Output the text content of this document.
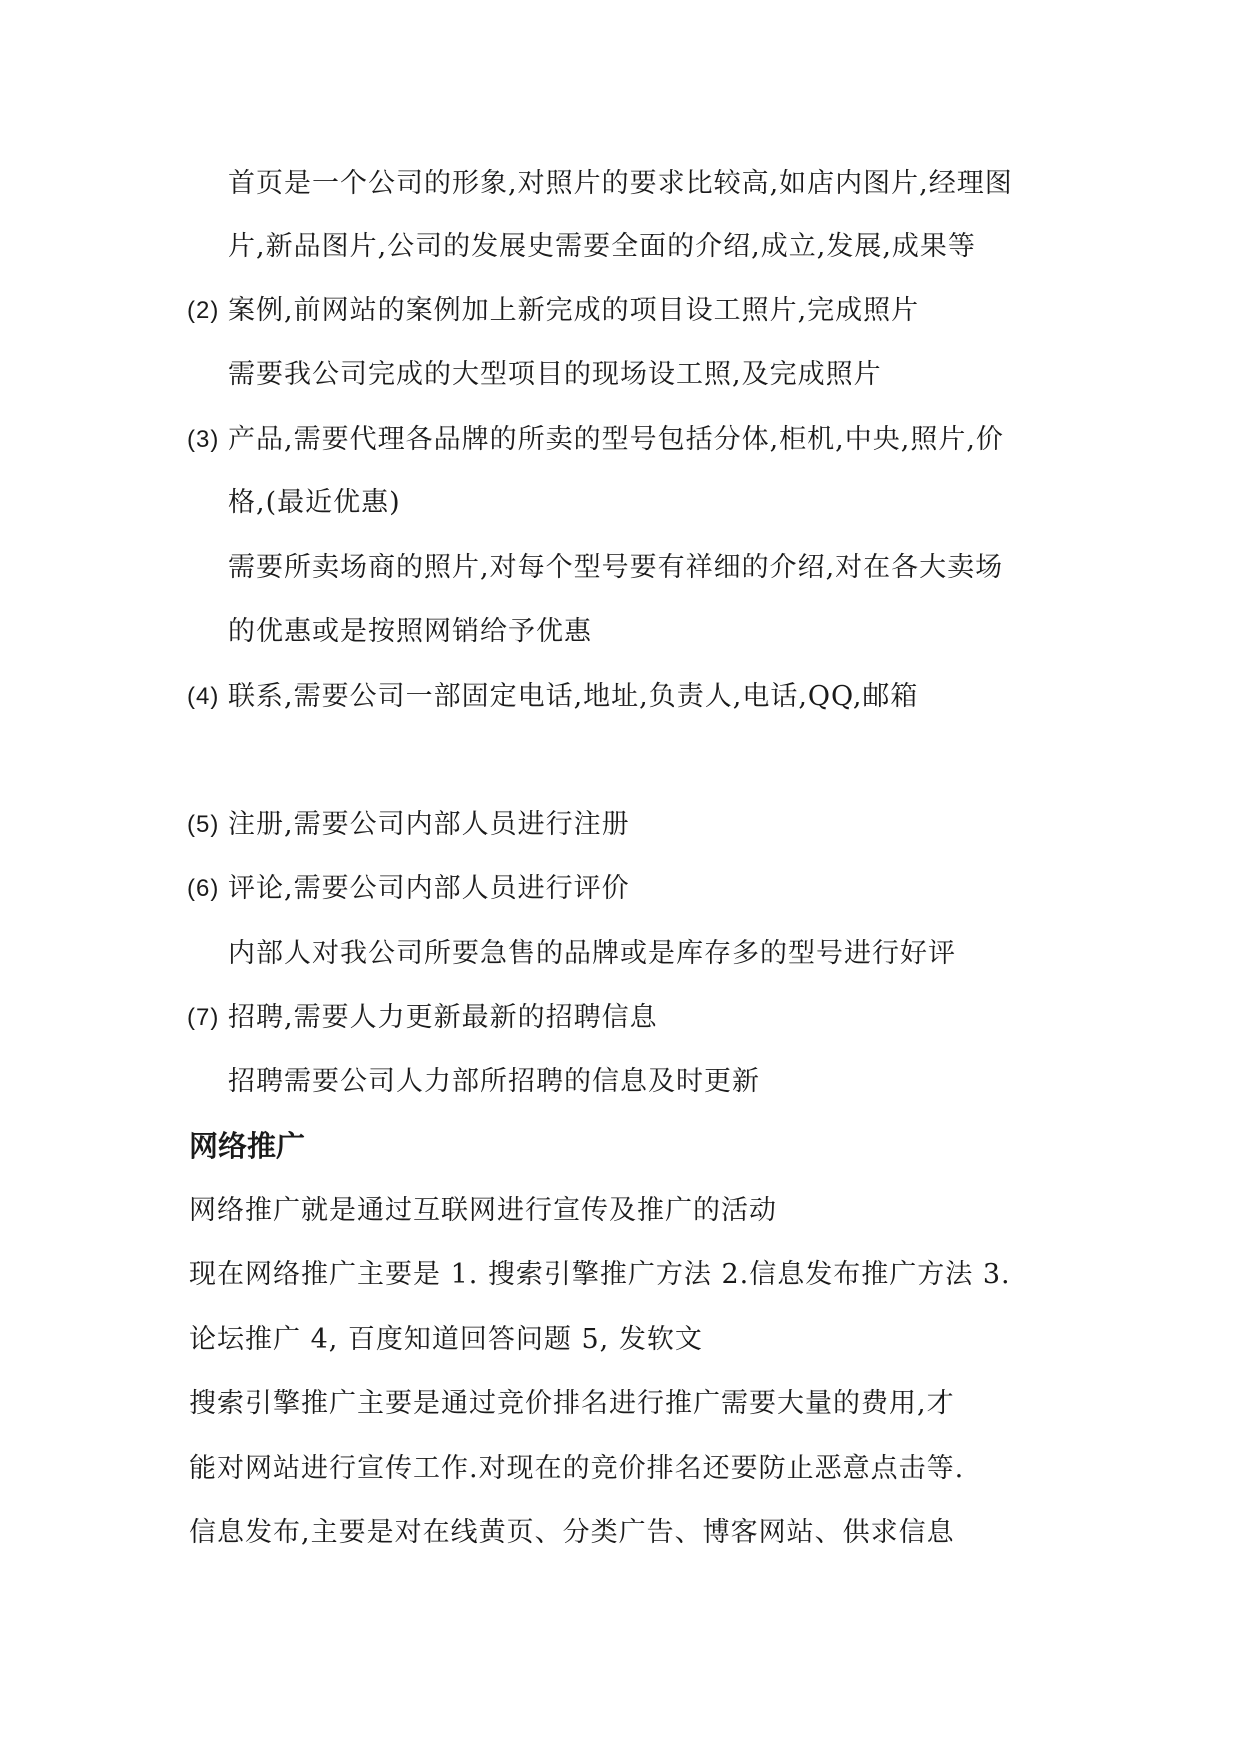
首页是一个公司的形象,对照片的要求比较高,如店内图片,经理图
片,新品图片,公司的发展史需要全面的介绍,成立,发展,成果等
(2) 案例,前网站的案例加上新完成的项目设工照片,完成照片
需要我公司完成的大型项目的现场设工照,及完成照片
(3) 产品,需要代理各品牌的所卖的型号包括分体,柜机,中央,照片,价
格,(最近优惠)
需要所卖场商的照片,对每个型号要有祥细的介绍,对在各大卖场
的优惠或是按照网销给予优惠
(4) 联系,需要公司一部固定电话,地址,负责人,电话,QQ,邮箱
(5) 注册,需要公司内部人员进行注册
(6) 评论,需要公司内部人员进行评价
内部人对我公司所要急售的品牌或是库存多的型号进行好评
(7) 招聘,需要人力更新最新的招聘信息
招聘需要公司人力部所招聘的信息及时更新
网络推广
网络推广就是通过互联网进行宣传及推广的活动
现在网络推广主要是 1. 搜索引擎推广方法 2.信息发布推广方法 3.
论坛推广 4, 百度知道回答问题 5, 发软文
搜索引擎推广主要是通过竞价排名进行推广需要大量的费用,才
能对网站进行宣传工作.对现在的竞价排名还要防止恶意点击等.
信息发布,主要是对在线黄页、分类广告、博客网站、供求信息
